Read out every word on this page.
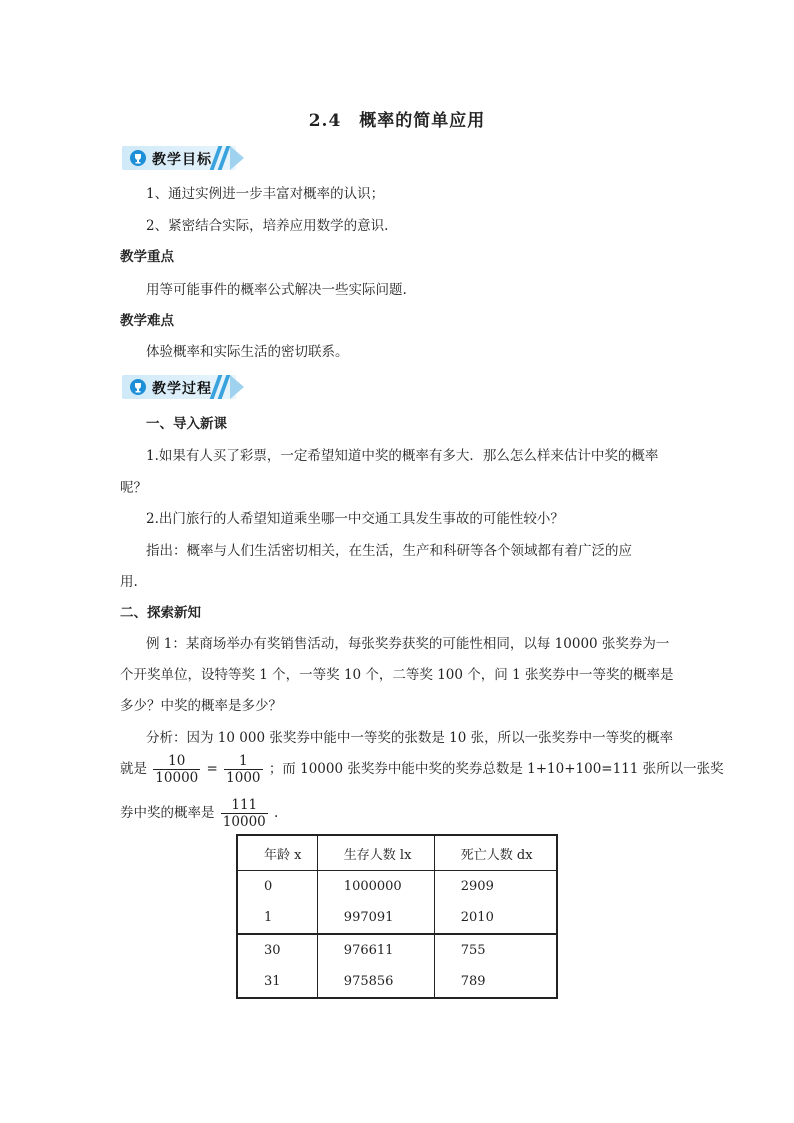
2.4　概率的简单应用
教学目标
1、通过实例进一步丰富对概率的认识；
2、紧密结合实际，培养应用数学的意识.
教学重点
用等可能事件的概率公式解决一些实际问题.
教学难点
体验概率和实际生活的密切联系。
教学过程
一、导入新课
1.如果有人买了彩票，一定希望知道中奖的概率有多大．那么怎么样来估计中奖的概率
呢？
2.出门旅行的人希望知道乘坐哪一中交通工具发生事故的可能性较小？
指出：概率与人们生活密切相关，在生活，生产和科研等各个领域都有着广泛的应
用.
二、探索新知
例 1：某商场举办有奖销售活动，每张奖券获奖的可能性相同，以每 10000 张奖券为一
个开奖单位，设特等奖 1 个，一等奖 10 个，二等奖 100 个，问 1 张奖券中一等奖的概率是
多少？中奖的概率是多少？
分析：因为 10 000 张奖券中能中一等奖的张数是 10 张，所以一张奖券中一等奖的概率
就是 $\frac{10}{10000} = \frac{1}{1000}$ ；而 10000 张奖券中能中奖的奖券总数是 1+10+100=111 张所以一张奖
券中奖的概率是 $\frac{111}{10000}$ .
年龄 x	生存人数 lx	死亡人数 dx
0	1000000	2909
1	997091	2010
30	976611	755
31	975856	789
